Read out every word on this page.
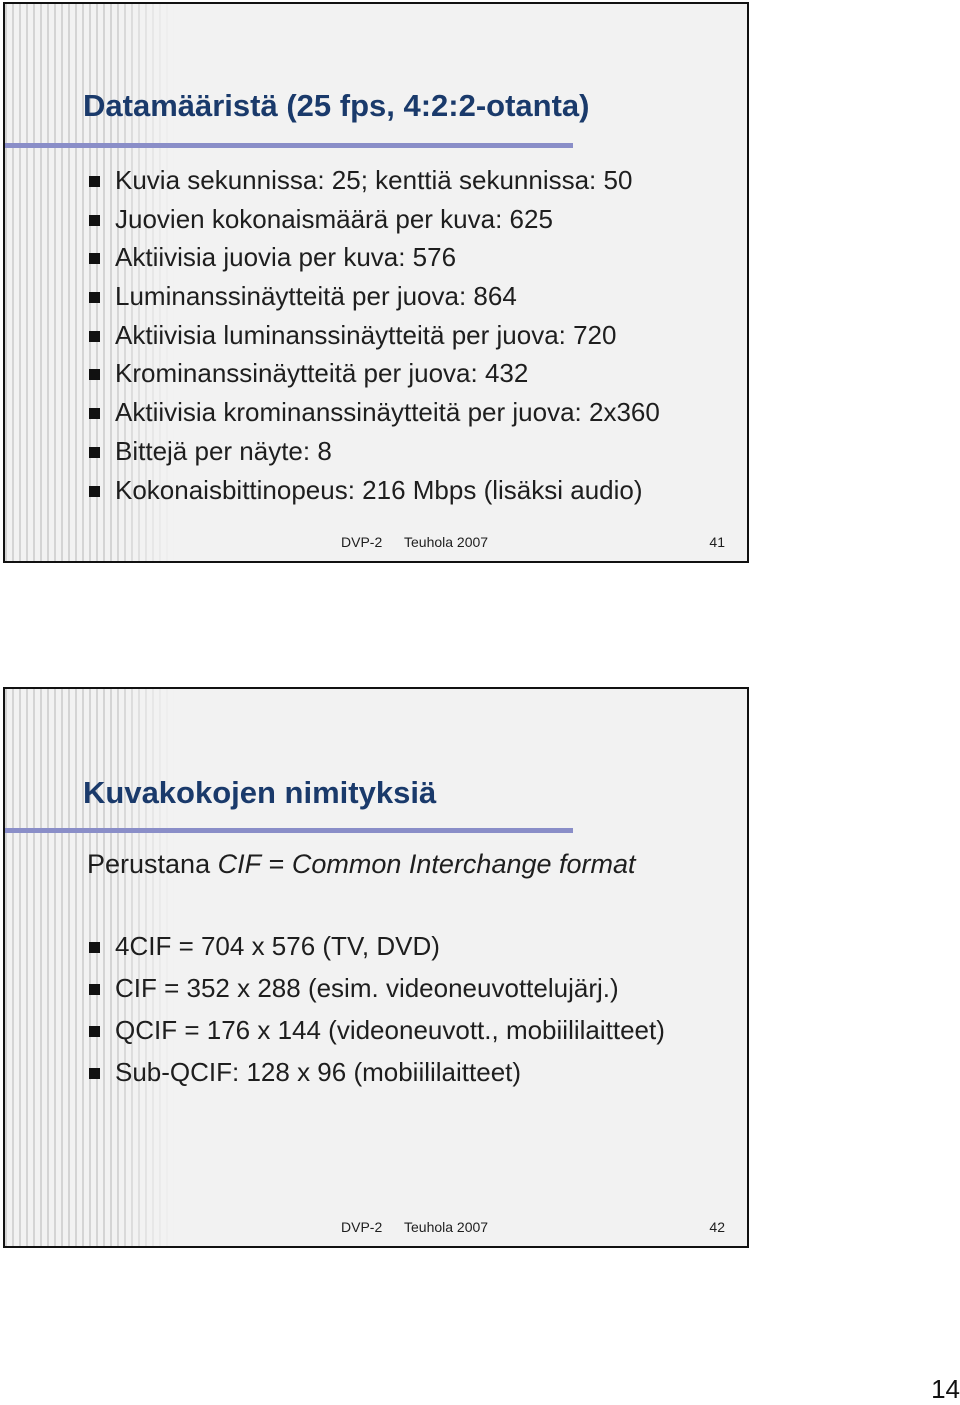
Datamääristä (25 fps, 4:2:2-otanta)
Kuvia sekunnissa: 25; kenttiä sekunnissa: 50
Juovien kokonaismäärä per kuva: 625
Aktiivisia juovia per kuva: 576
Luminanssinäytteitä per juova: 864
Aktiivisia luminanssinäytteitä per juova: 720
Krominanssinäytteitä per juova: 432
Aktiivisia krominanssinäytteitä per juova: 2x360
Bittejä per näyte: 8
Kokonaisbittinopeus: 216 Mbps (lisäksi audio)
DVP-2 Teuhola 2007	41
Kuvakokojen nimityksiä

Perustana CIF = Common Interchange format

4CIF = 704 x 576 (TV, DVD)
CIF = 352 x 288 (esim. videoneuvottelujärj.)
QCIF = 176 x 144 (videoneuvott., mobiililaitteet)
Sub-QCIF: 128 x 96 (mobiililaitteet)
DVP-2 Teuhola 2007	42
14
